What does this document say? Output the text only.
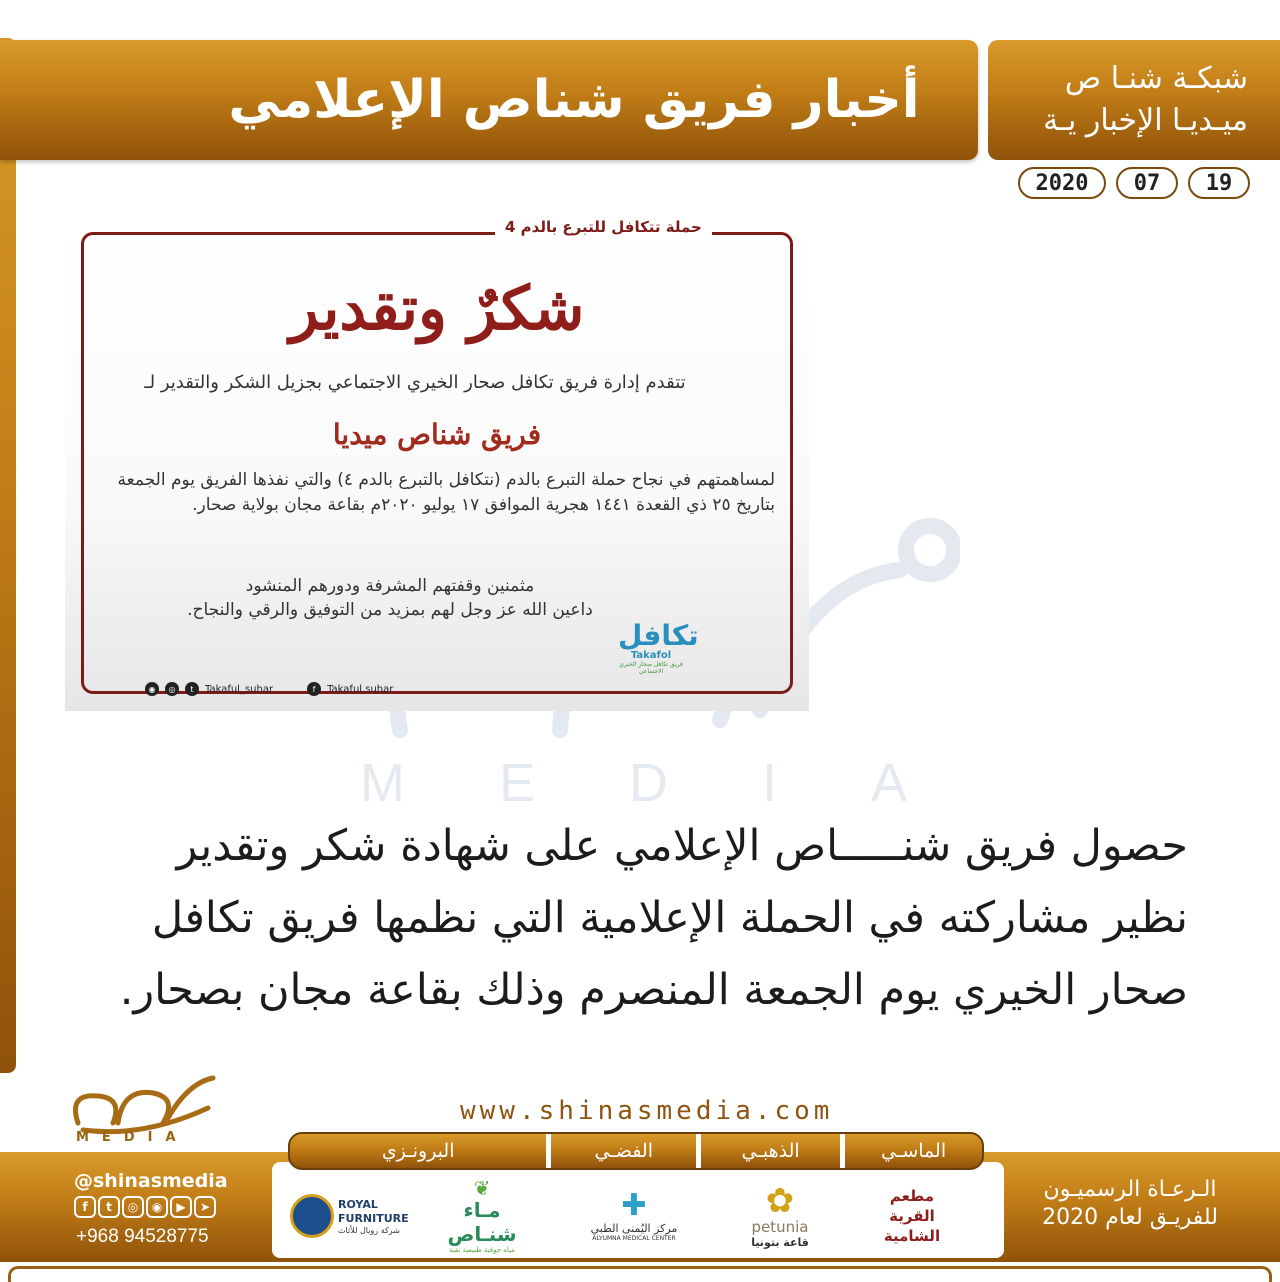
أخبار فريق شناص الإعلامي	شبكـة شنـا ص
ميـديـا الإخبار يـة
2020	07	19
MEDIA
حملة تتكافل للتبرع بالدم 4
شكرٌ وتقدير
تتقدم إدارة فريق تكافل صحار الخيري الاجتماعي بجزيل الشكر والتقدير لـ
فريق شناص ميديا
لمساهمتهم في نجاح حملة التبرع بالدم (نتكافل بالتبرع بالدم ٤) والتي نفذها الفريق يوم الجمعة بتاريخ ٢٥ ذي القعدة ١٤٤١ هجرية الموافق ١٧ يوليو ٢٠٢٠م بقاعة مجان بولاية صحار.
مثمنين وقفتهم المشرفة ودورهم المنشود
داعين الله عز وجل لهم بمزيد من التوفيق والرقي والنجاح.
تكافل
Takafol
فريق تكافل صحار الخيري الاجتماعي
◉	◎	t	Takaful_suhar	f	Takaful.suhar
حصول فريق شنـــــاص الإعلامي على شهادة شكر وتقدير نظير مشاركته في الحملة الإعلامية التي نظمها فريق تكافل صحار الخيري يوم الجمعة المنصرم وذلك بقاعة مجان بصحار.
MEDIA
www.shinasmedia.com
@shinasmedia
f	t	◎	◉	▶	➤
+968 94528775
الماسـي
الذهبـي
الفضـي
البرونـزي
مطعم القرية الشامية
✿
petunia
قاعة بتونيا
✚
مركز اليُمنى الطبي
ALYUMNA MEDICAL CENTER
❦
مـاء شنـاص
مياه جوفية طبيعية نقية
ROYAL FURNITURE
شركة رويال للأثاث
الـرعـاة الرسميـون
للفريـق لعام 2020
